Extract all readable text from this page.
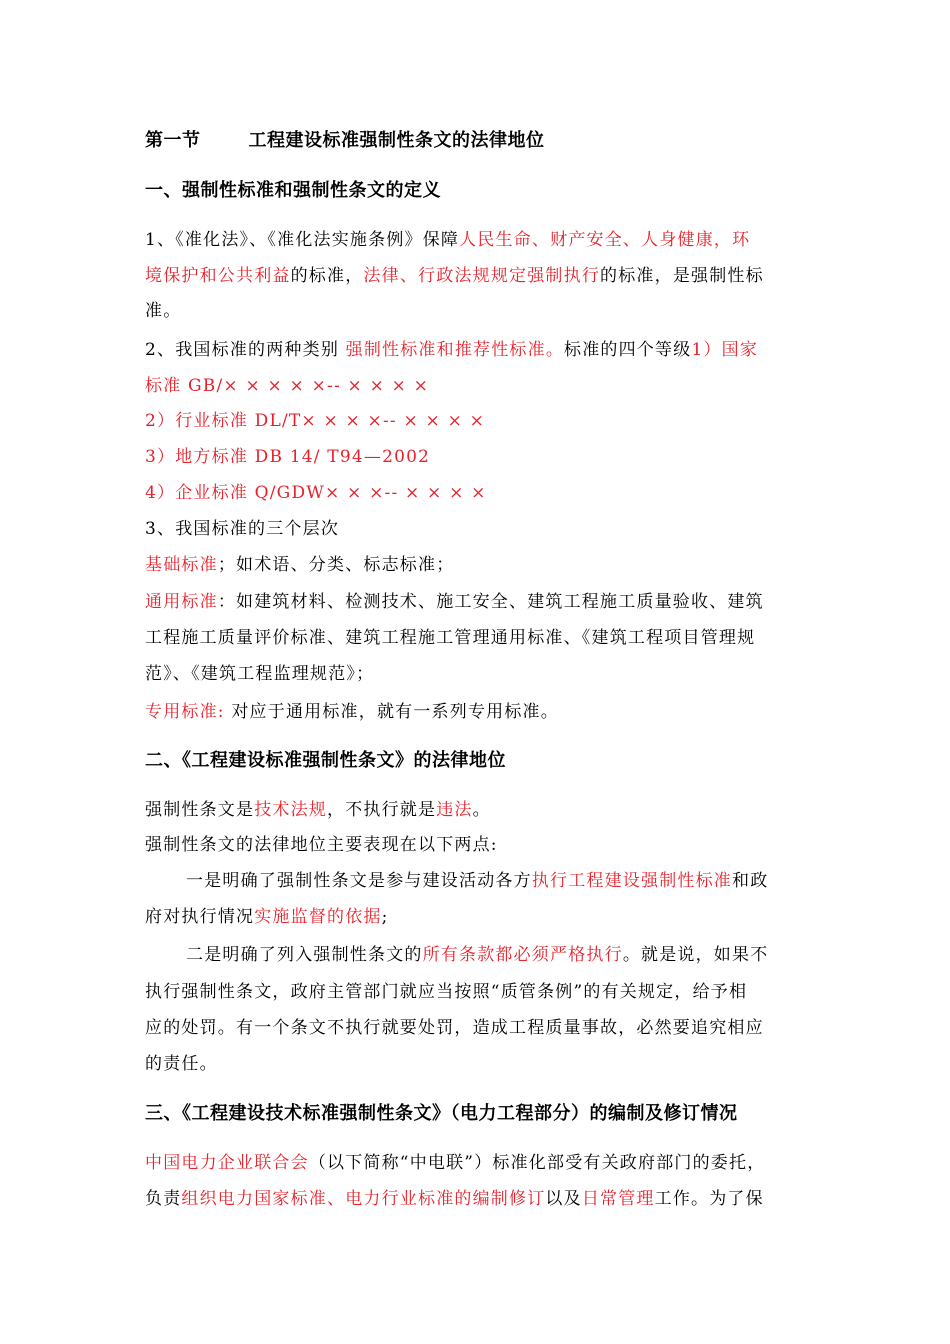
第一节	工程建设标准强制性条文的法律地位
一、强制性标准和强制性条文的定义
1、《准化法》、《准化法实施条例》保障人民生命、财产安全、人身健康，环
境保护和公共利益的标准，法律、行政法规规定强制执行的标准，是强制性标
准。
2、我国标准的两种类别 强制性标准和推荐性标准。标准的四个等级1）国家
标准 GB/× × × × ×-- × × × ×
2）行业标准 DL/T× × × ×-- × × × ×
3）地方标准 DB 14/ T94—2002
4）企业标准 Q/GDW× × ×-- × × × ×
3、我国标准的三个层次
基础标准；如术语、分类、标志标准；
通用标准：如建筑材料、检测技术、施工安全、建筑工程施工质量验收、建筑
工程施工质量评价标准、建筑工程施工管理通用标准、《建筑工程项目管理规
范》、《建筑工程监理规范》；
专用标准: 对应于通用标准，就有一系列专用标准。
二、《工程建设标准强制性条文》的法律地位
强制性条文是技术法规，不执行就是违法。
强制性条文的法律地位主要表现在以下两点:
一是明确了强制性条文是参与建设活动各方执行工程建设强制性标准和政
府对执行情况实施监督的依据;
二是明确了列入强制性条文的所有条款都必须严格执行。就是说，如果不
执行强制性条文，政府主管部门就应当按照“质管条例”的有关规定，给予相
应的处罚。有一个条文不执行就要处罚，造成工程质量事故，必然要追究相应
的责任。
三、《工程建设技术标准强制性条文》（电力工程部分）的编制及修订情况
中国电力企业联合会（以下简称“中电联”）标准化部受有关政府部门的委托，
负责组织电力国家标准、电力行业标准的编制修订以及日常管理工作。为了保
